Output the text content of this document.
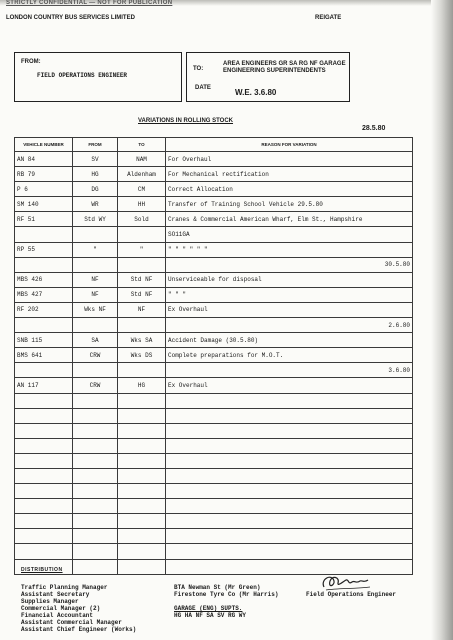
STRICTLY CONFIDENTIAL — NOT FOR PUBLICATION
LONDON COUNTRY BUS SERVICES LIMITED	REIGATE
FROM:
FIELD OPERATIONS ENGINEER
TO:
AREA ENGINEERS GR SA RG NF GARAGE ENGINEERING SUPERINTENDENTS
DATE	W.E. 3.6.80
VARIATIONS IN ROLLING STOCK
28.5.80
VEHICLE NUMBER	FROM	TO	REASON FOR VARIATION
AN 84	SV	NAM	For Overhaul
RB 79	HG	Aldenham	For Mechanical rectification
P 6	DG	CM	Correct Allocation
SM 140	WR	HH	Transfer of Training School Vehicle 29.5.80
RF 51	Std WY	Sold	Cranes & Commercial American Wharf, Elm St., Hampshire
			SO11GA
RP 55	"	"	" " " " " "
			30.5.80
MBS 426	NF	Std NF	Unserviceable for disposal
MBS 427	NF	Std NF	" " "
RF 202	Wks NF	NF	Ex Overhaul
			2.6.80
SNB 115	SA	Wks SA	Accident Damage (30.5.80)
BMS 641	CRW	Wks DS	Complete preparations for M.O.T.
			3.6.80
AN 117	CRW	HG	Ex Overhaul

DISTRIBUTION
Traffic Planning Manager
Assistant Secretary
Supplies Manager
Commercial Manager (2)
Financial Accountant
Assistant Commercial Manager
Assistant Chief Engineer (Works)
BTA Newman St (Mr Green)
Firestone Tyre Co (Mr Harris)
GARAGE (ENG) SUPTS.
HG HA NF SA SV RG WY
Field Operations Engineer
